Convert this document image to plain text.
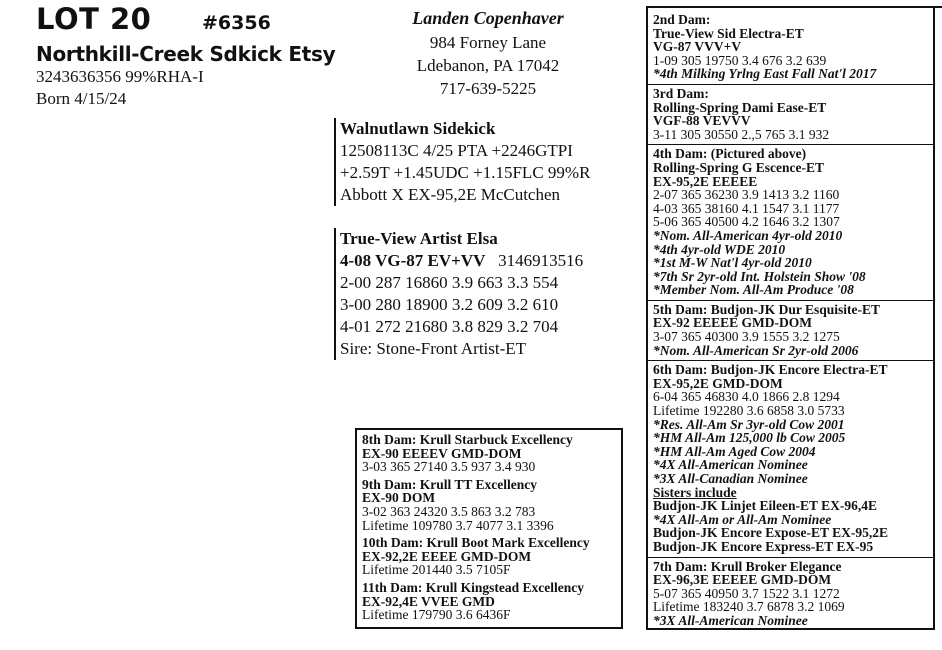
LOT 20	#6356
Northkill-Creek Sdkick Etsy
3243636356 99%RHA-I
Born 4/15/24
Landen Copenhaver
984 Forney Lane
Ldebanon, PA 17042
717-639-5225
Walnutlawn Sidekick
12508113C 4/25 PTA +2246GTPI
+2.59T +1.45UDC +1.15FLC 99%R
Abbott X EX-95,2E McCutchen
True-View Artist Elsa
4-08 VG-87 EV+VV 3146913516
2-00 287 16860 3.9 663 3.3 554
3-00 280 18900 3.2 609 3.2 610
4-01 272 21680 3.8 829 3.2 704
Sire: Stone-Front Artist-ET
2nd Dam:
True-View Sid Electra-ET
VG-87 VVV+V
1-09 305 19750 3.4 676 3.2 639
*4th Milking Yrlng East Fall Nat'l 2017
3rd Dam:
Rolling-Spring Dami Ease-ET
VGF-88 VEVVV
3-11 305 30550 2.,5 765 3.1 932
4th Dam: (Pictured above)
Rolling-Spring G Escence-ET
EX-95,2E EEEEE
2-07 365 36230 3.9 1413 3.2 1160
4-03 365 38160 4.1 1547 3.1 1177
5-06 365 40500 4.2 1646 3.2 1307
*Nom. All-American 4yr-old 2010
*4th 4yr-old WDE 2010
*1st M-W Nat'l 4yr-old 2010
*7th Sr 2yr-old Int. Holstein Show '08
*Member Nom. All-Am Produce '08
5th Dam: Budjon-JK Dur Esquisite-ET
EX-92 EEEEE GMD-DOM
3-07 365 40300 3.9 1555 3.2 1275
*Nom. All-American Sr 2yr-old 2006
6th Dam: Budjon-JK Encore Electra-ET
EX-95,2E GMD-DOM
6-04 365 46830 4.0 1866 2.8 1294
Lifetime 192280 3.6 6858 3.0 5733
*Res. All-Am Sr 3yr-old Cow 2001
*HM All-Am 125,000 lb Cow 2005
*HM All-Am Aged Cow 2004
*4X All-American Nominee
*3X All-Canadian Nominee
Sisters include
Budjon-JK Linjet Eileen-ET EX-96,4E
*4X All-Am or All-Am Nominee
Budjon-JK Encore Expose-ET EX-95,2E
Budjon-JK Encore Express-ET EX-95
7th Dam: Krull Broker Elegance
EX-96,3E EEEEE GMD-DOM
5-07 365 40950 3.7 1522 3.1 1272
Lifetime 183240 3.7 6878 3.2 1069
*3X All-American Nominee
8th Dam: Krull Starbuck Excellency
EX-90 EEEEV GMD-DOM
3-03 365 27140 3.5 937 3.4 930
9th Dam: Krull TT Excellency
EX-90 DOM
3-02 363 24320 3.5 863 3.2 783
Lifetime 109780 3.7 4077 3.1 3396
10th Dam: Krull Boot Mark Excellency
EX-92,2E EEEE GMD-DOM
Lifetime 201440 3.5 7105F
11th Dam: Krull Kingstead Excellency
EX-92,4E VVEE GMD
Lifetime 179790 3.6 6436F
